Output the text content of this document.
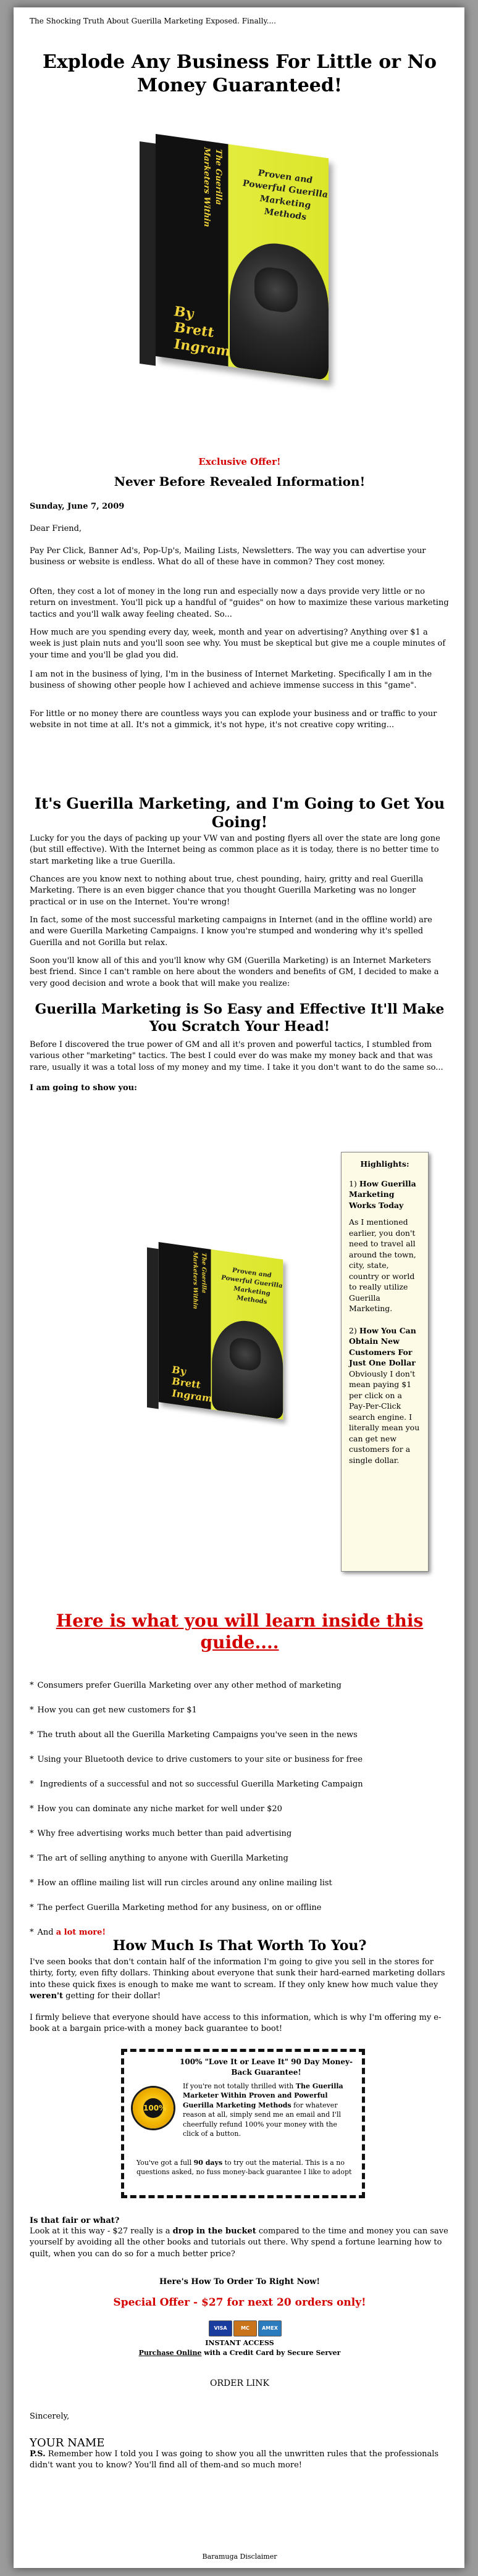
The Shocking Truth About Guerilla Marketing Exposed. Finally....
Explode Any Business For Little or No Money Guaranteed!
The Guerilla Marketers Within	Proven and Powerful Guerilla Marketing Methods
By
Brett
Ingram
Exclusive Offer!
Never Before Revealed Information!
Sunday, June 7, 2009
Dear Friend,
Pay Per Click, Banner Ad's, Pop-Up's, Mailing Lists, Newsletters. The way you can advertise your business or website is endless. What do all of these have in common? They cost money.
Often, they cost a lot of money in the long run and especially now a days provide very little or no return on investment. You'll pick up a handful of "guides" on how to maximize these various marketing tactics and you'll walk away feeling cheated. So...
How much are you spending every day, week, month and year on advertising? Anything over $1 a week is just plain nuts and you'll soon see why. You must be skeptical but give me a couple minutes of your time and you'll be glad you did.
I am not in the business of lying, I'm in the business of Internet Marketing. Specifically I am in the business of showing other people how I achieved and achieve immense success in this "game".
For little or no money there are countless ways you can explode your business and or traffic to your website in not time at all. It's not a gimmick, it's not hype, it's not creative copy writing...
It's Guerilla Marketing, and I'm Going to Get You Going!
Lucky for you the days of packing up your VW van and posting flyers all over the state are long gone (but still effective). With the Internet being as common place as it is today, there is no better time to start marketing like a true Guerilla.
Chances are you know next to nothing about true, chest pounding, hairy, gritty and real Guerilla Marketing. There is an even bigger chance that you thought Guerilla Marketing was no longer practical or in use on the Internet. You're wrong!
In fact, some of the most successful marketing campaigns in Internet (and in the offline world) are and were Guerilla Marketing Campaigns. I know you're stumped and wondering why it's spelled Guerilla and not Gorilla but relax.
Soon you'll know all of this and you'll know why GM (Guerilla Marketing) is an Internet Marketers best friend. Since I can't ramble on here about the wonders and benefits of GM, I decided to make a very good decision and wrote a book that will make you realize:
Guerilla Marketing is So Easy and Effective It'll Make You Scratch Your Head!
Before I discovered the true power of GM and all it's proven and powerful tactics, I stumbled from various other "marketing" tactics. The best I could ever do was make my money back and that was rare, usually it was a total loss of my money and my time. I take it you don't want to do the same so...
I am going to show you:
The Guerilla Marketers Within	Proven and Powerful Guerilla Marketing Methods
By
Brett
Ingram
Highlights:
1) How Guerilla Marketing Works Today
As I mentioned earlier, you don't need to travel all around the town, city, state, country or world to really utilize Guerilla Marketing.
2) How You Can Obtain New Customers For Just One Dollar
Obviously I don't mean paying $1 per click on a Pay-Per-Click search engine. I literally mean you can get new customers for a single dollar.
Here is what you will learn inside this guide....
* Consumers prefer Guerilla Marketing over any other method of marketing
* How you can get new customers for $1
* The truth about all the Guerilla Marketing Campaigns you've seen in the news
* Using your Bluetooth device to drive customers to your site or business for free
* Ingredients of a successful and not so successful Guerilla Marketing Campaign
* How you can dominate any niche market for well under $20
* Why free advertising works much better than paid advertising
* The art of selling anything to anyone with Guerilla Marketing
* How an offline mailing list will run circles around any online mailing list
* The perfect Guerilla Marketing method for any business, on or offline
* And a lot more!
How Much Is That Worth To You?
I've seen books that don't contain half of the information I'm going to give you sell in the stores for thirty, forty, even fifty dollars. Thinking about everyone that sunk their hard-earned marketing dollars into these quick fixes is enough to make me want to scream. If they only knew how much value they weren't getting for their dollar!
I firmly believe that everyone should have access to this information, which is why I'm offering my e-book at a bargain price-with a money back guarantee to boot!
100% "Love It or Leave It" 90 Day Money-Back Guarantee!
100%
If you're not totally thrilled with The Guerilla Marketer Within Proven and Powerful Guerilla Marketing Methods for whatever reason at all, simply send me an email and I'll cheerfully refund 100% your money with the click of a button.
You've got a full 90 days to try out the material. This is a no questions asked, no fuss money-back guarantee I like to adopt
Is that fair or what?
Look at it this way - $27 really is a drop in the bucket compared to the time and money you can save yourself by avoiding all the other books and tutorials out there. Why spend a fortune learning how to quilt, when you can do so for a much better price?
Here's How To Order To Right Now!
Special Offer - $27 for next 20 orders only!
VISA	MC	AMEX
INSTANT ACCESS
Purchase Online with a Credit Card by Secure Server
ORDER LINK
Sincerely,
YOUR NAME
P.S. Remember how I told you I was going to show you all the unwritten rules that the professionals didn't want you to know? You'll find all of them-and so much more!
Baramuga Disclaimer
